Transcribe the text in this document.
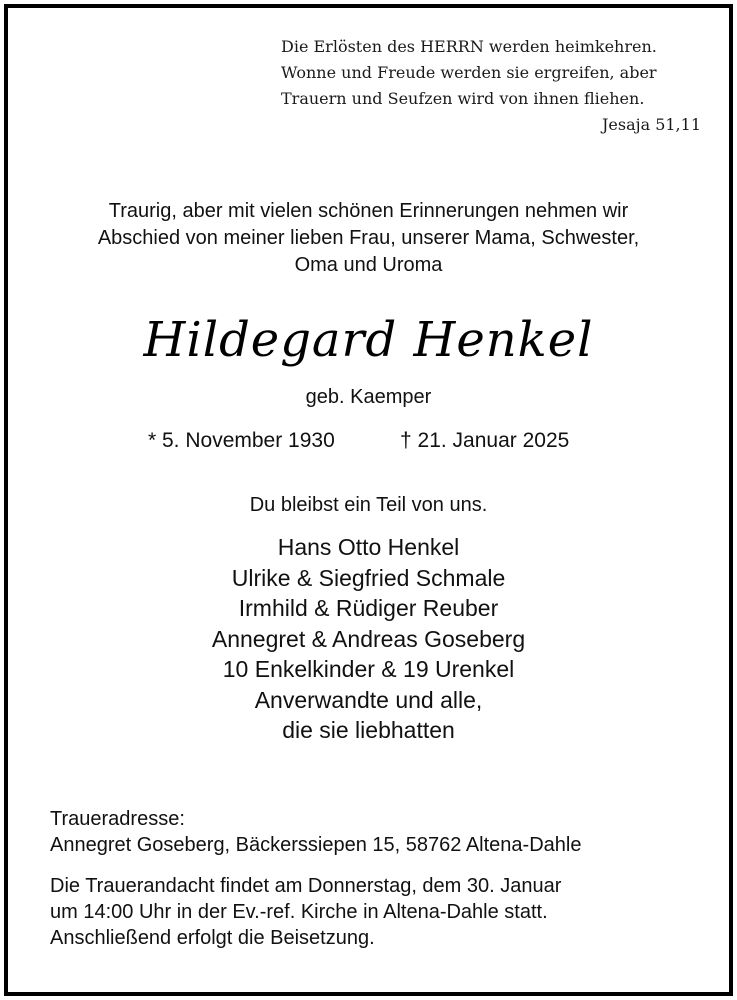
Die Erlösten des HERRN werden heimkehren.
Wonne und Freude werden sie ergreifen, aber
Trauern und Seufzen wird von ihnen fliehen.
Jesaja 51,11
Traurig, aber mit vielen schönen Erinnerungen nehmen wir
Abschied von meiner lieben Frau, unserer Mama, Schwester,
Oma und Uroma
Hildegard Henkel
geb. Kaemper
* 5. November 1930	† 21. Januar 2025
Du bleibst ein Teil von uns.
Hans Otto Henkel
Ulrike & Siegfried Schmale
Irmhild & Rüdiger Reuber
Annegret & Andreas Goseberg
10 Enkelkinder & 19 Urenkel
Anverwandte und alle,
die sie liebhatten
Traueradresse:
Annegret Goseberg, Bäckerssiepen 15, 58762 Altena-Dahle
Die Trauerandacht findet am Donnerstag, dem 30. Januar
um 14:00 Uhr in der Ev.-ref. Kirche in Altena-Dahle statt.
Anschließend erfolgt die Beisetzung.
